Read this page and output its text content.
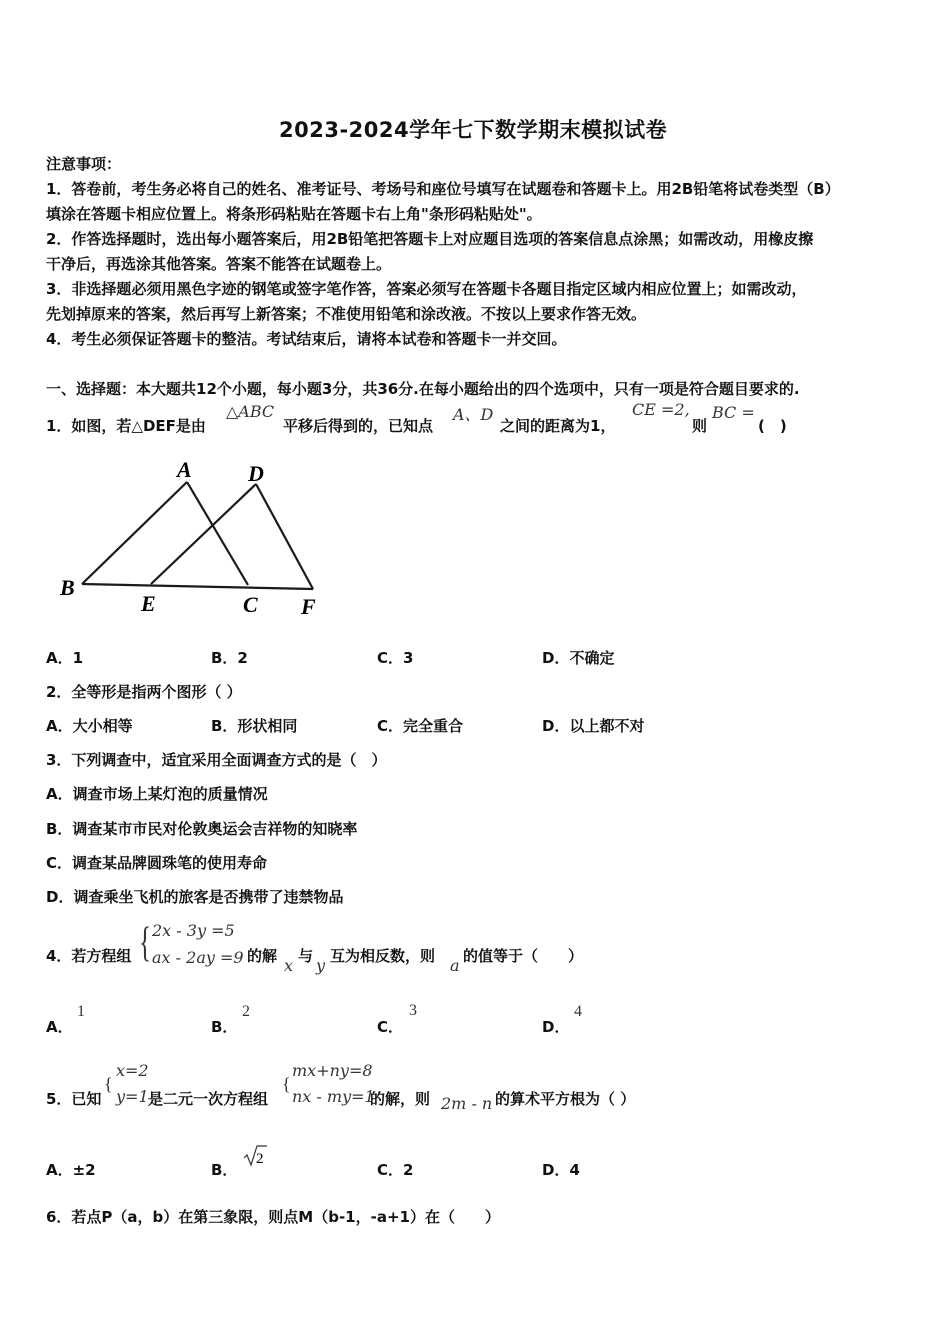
2023-2024学年七下数学期末模拟试卷
注意事项：
1．答卷前，考生务必将自己的姓名、准考证号、考场号和座位号填写在试题卷和答题卡上。用2B铅笔将试卷类型（B）
填涂在答题卡相应位置上。将条形码粘贴在答题卡右上角"条形码粘贴处"。
2．作答选择题时，选出每小题答案后，用2B铅笔把答题卡上对应题目选项的答案信息点涂黑；如需改动，用橡皮擦
干净后，再选涂其他答案。答案不能答在试题卷上。
3．非选择题必须用黑色字迹的钢笔或签字笔作答，答案必须写在答题卡各题目指定区域内相应位置上；如需改动，
先划掉原来的答案，然后再写上新答案；不准使用铅笔和涂改液。不按以上要求作答无效。
4．考生必须保证答题卡的整洁。考试结束后，请将本试卷和答题卡一并交回。
一、选择题：本大题共12个小题，每小题3分，共36分.在每小题给出的四个选项中，只有一项是符合题目要求的.
1．如图，若△DEF是由
△ABC
平移后得到的，已知点
A、D
之间的距离为1，
CE =2,
则
BC =
(　)
A	D
B
E	C F
A．1	B．2	C．3	D．不确定
2．全等形是指两个图形（ ）
A．大小相等	B．形状相同	C．完全重合	D．以上都不对
3．下列调查中，适宜采用全面调查方式的是（　）
A．调查市场上某灯泡的质量情况
B．调查某市市民对伦敦奥运会吉祥物的知晓率
C．调查某品牌圆珠笔的使用寿命
D．调查乘坐飞机的旅客是否携带了违禁物品
4．若方程组 { 2x - 3y =5
ax - 2ay =9 的解 x 与 y 互为相反数，则 a 的值等于（　　）
A．
1
B．
2
C．
3
D．
4
5．已知
{
x=2
y=1 是二元一次方程组
{
mx+ny=8
nx - my=1
的解，则 2m - n 的算术平方根为（ ）
A．±2	B．
2
C．2	D．4
6．若点P（a，b）在第三象限，则点M（b-1，-a+1）在（　　）
